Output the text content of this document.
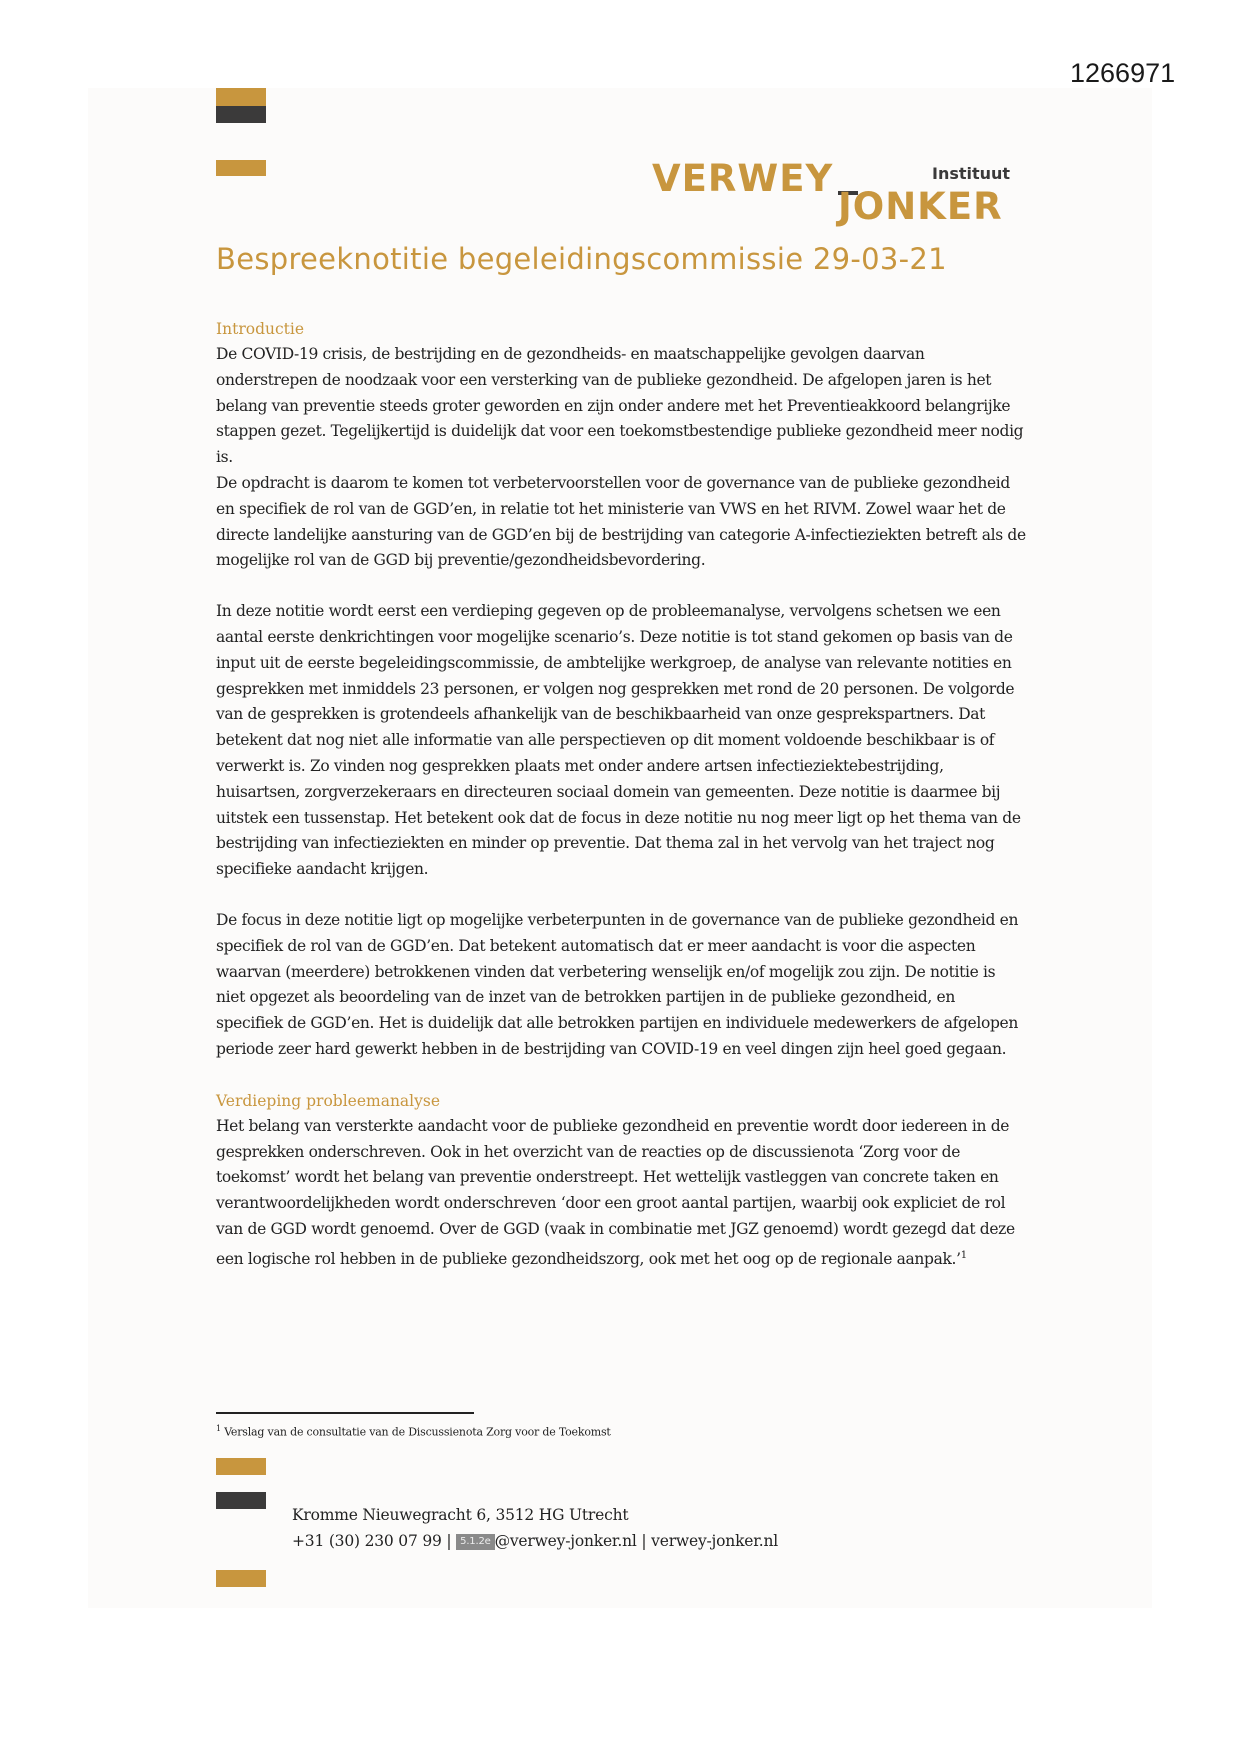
1266971
VERWEY
JONKER
Instituut
Bespreeknotitie begeleidingscommissie 29-03-21

Introductie

De COVID-19 crisis, de bestrijding en de gezondheids- en maatschappelijke gevolgen daarvan onderstrepen de noodzaak voor een versterking van de publieke gezondheid. De afgelopen jaren is het belang van preventie steeds groter geworden en zijn onder andere met het Preventieakkoord belangrijke stappen gezet. Tegelijkertijd is duidelijk dat voor een toekomstbestendige publieke gezondheid meer nodig is.

De opdracht is daarom te komen tot verbetervoorstellen voor de governance van de publieke gezondheid en specifiek de rol van de GGD’en, in relatie tot het ministerie van VWS en het RIVM. Zowel waar het de directe landelijke aansturing van de GGD’en bij de bestrijding van categorie A-infectieziekten betreft als de mogelijke rol van de GGD bij preventie/gezondheidsbevordering.

In deze notitie wordt eerst een verdieping gegeven op de probleemanalyse, vervolgens schetsen we een aantal eerste denkrichtingen voor mogelijke scenario’s. Deze notitie is tot stand gekomen op basis van de input uit de eerste begeleidingscommissie, de ambtelijke werkgroep, de analyse van relevante notities en gesprekken met inmiddels 23 personen, er volgen nog gesprekken met rond de 20 personen. De volgorde van de gesprekken is grotendeels afhankelijk van de beschikbaarheid van onze gesprekspartners. Dat betekent dat nog niet alle informatie van alle perspectieven op dit moment voldoende beschikbaar is of verwerkt is. Zo vinden nog gesprekken plaats met onder andere artsen infectieziektebestrijding, huisartsen, zorgverzekeraars en directeuren sociaal domein van gemeenten. Deze notitie is daarmee bij uitstek een tussenstap. Het betekent ook dat de focus in deze notitie nu nog meer ligt op het thema van de bestrijding van infectieziekten en minder op preventie. Dat thema zal in het vervolg van het traject nog specifieke aandacht krijgen.

De focus in deze notitie ligt op mogelijke verbeterpunten in de governance van de publieke gezondheid en specifiek de rol van de GGD’en. Dat betekent automatisch dat er meer aandacht is voor die aspecten waarvan (meerdere) betrokkenen vinden dat verbetering wenselijk en/of mogelijk zou zijn. De notitie is niet opgezet als beoordeling van de inzet van de betrokken partijen in de publieke gezondheid, en specifiek de GGD’en. Het is duidelijk dat alle betrokken partijen en individuele medewerkers de afgelopen periode zeer hard gewerkt hebben in de bestrijding van COVID-19 en veel dingen zijn heel goed gegaan.

Verdieping probleemanalyse

Het belang van versterkte aandacht voor de publieke gezondheid en preventie wordt door iedereen in de gesprekken onderschreven. Ook in het overzicht van de reacties op de discussienota ‘Zorg voor de toekomst’ wordt het belang van preventie onderstreept. Het wettelijk vastleggen van concrete taken en verantwoordelijkheden wordt onderschreven ‘door een groot aantal partijen, waarbij ook expliciet de rol van de GGD wordt genoemd. Over de GGD (vaak in combinatie met JGZ genoemd) wordt gezegd dat deze een logische rol hebben in de publieke gezondheidszorg, ook met het oog op de regionale aanpak.’$^1$

$^1$ Verslag van de consultatie van de Discussienota Zorg voor de Toekomst
Kromme Nieuwegracht 6, 3512 HG Utrecht
+31 (30) 230 07 99 | 5.1.2e @verwey-jonker.nl | verwey-jonker.nl
